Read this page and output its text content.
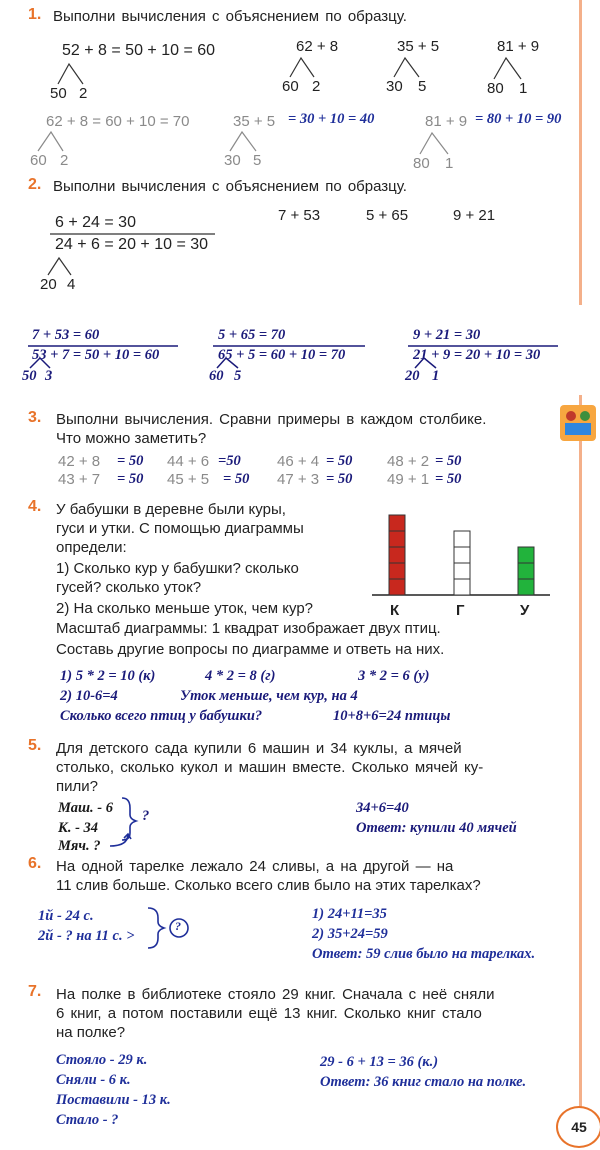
1. Выполни вычисления с объяснением по образцу.
52 + 8 = 50 + 10 = 60
50 2
62 + 8
60 2
35 + 5
30 5
81 + 9
80 1
62 + 8 = 60 + 10 = 70
60 2
35 + 5 = 30 + 10 = 40
30 5
81 + 9 = 80 + 10 = 90
80 1
2. Выполни вычисления с объяснением по образцу.
6 + 24 = 30
24 + 6 = 20 + 10 = 30
20 4
7 + 53	5 + 65	9 + 21
7 + 53 = 60
53 + 7 = 50 + 10 = 60
50 3
5 + 65 = 70
65 + 5 = 60 + 10 = 70
60 5
9 + 21 = 30
21 + 9 = 20 + 10 = 30
20 1
3. Выполни вычисления. Сравни примеры в каждом столбике.
Что можно заметить?
42 + 8 = 50 44 + 6 =50 46 + 4 = 50 48 + 2 = 50
43 + 7 = 50 45 + 5 = 50 47 + 3 = 50 49 + 1 = 50
4. У бабушки в деревне были куры,
гуси и утки. С помощью диаграммы
определи:
1) Сколько кур у бабушки? сколько
гусей? сколько уток?
2) На сколько меньше уток, чем кур?
Масштаб диаграммы: 1 квадрат изображает двух птиц.
Составь другие вопросы по диаграмме и ответь на них.
К	Г	У
1) 5 * 2 = 10 (к)	4 * 2 = 8 (г)	3 * 2 = 6 (у)
2) 10-6=4	Уток меньше, чем кур, на 4
Сколько всего птиц у бабушки?	10+8+6=24 птицы
5. Для детского сада купили 6 машин и 34 куклы, а мячей
столько, сколько кукол и машин вместе. Сколько мячей ку-
пили?
Маш. - 6
К. - 34
Мяч. ?
?	34+6=40
Ответ: купили 40 мячей
6. На одной тарелке лежало 24 сливы, а на другой — на
11 слив больше. Сколько всего слив было на этих тарелках?
1й - 24 с.
2й - ? на 11 с. >
?
1) 24+11=35
2) 35+24=59
Ответ: 59 слив было на тарелках.
7. На полке в библиотеке стояло 29 книг. Сначала с неё сняли
6 книг, а потом поставили ещё 13 книг. Сколько книг стало
на полке?
Стояло - 29 к.
Сняли - 6 к.
Поставили - 13 к.
Стало - ?
29 - 6 + 13 = 36 (к.)
Ответ: 36 книг стало на полке.
45
